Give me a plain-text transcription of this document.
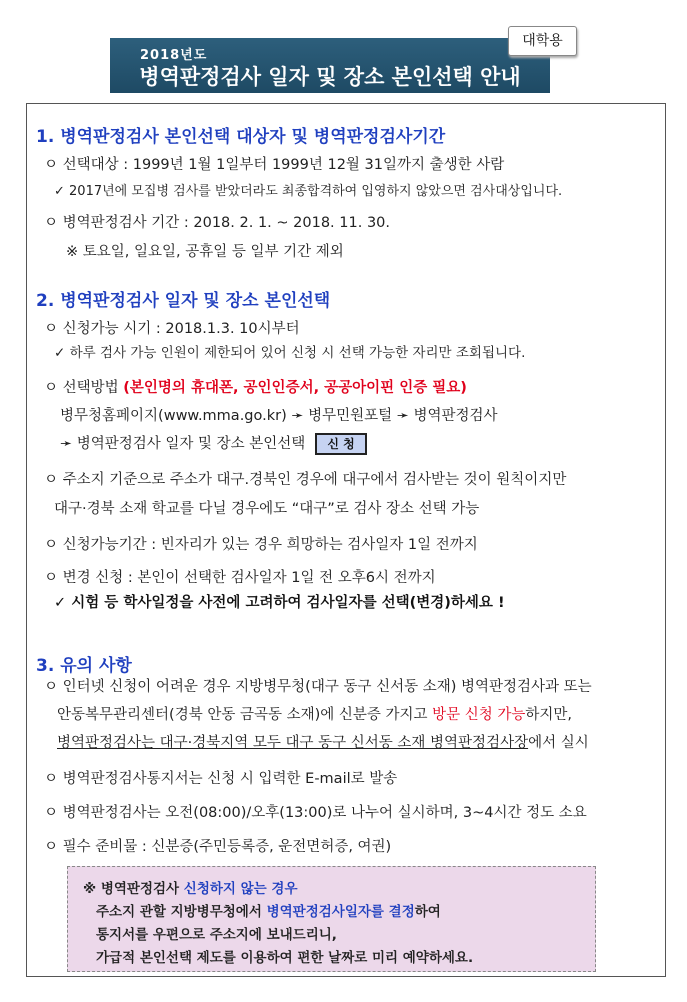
2018년도
병역판정검사 일자 및 장소 본인선택 안내
대학용
1. 병역판정검사 본인선택 대상자 및 병역판정검사기간
ㅇ 선택대상 : 1999년 1월 1일부터 1999년 12월 31일까지 출생한 사람
✓ 2017년에 모집병 검사를 받았더라도 최종합격하여 입영하지 않았으면 검사대상입니다.
ㅇ 병역판정검사 기간 : 2018. 2. 1. ~ 2018. 11. 30.
※ 토요일, 일요일, 공휴일 등 일부 기간 제외
2. 병역판정검사 일자 및 장소 본인선택
ㅇ 신청가능 시기 : 2018.1.3. 10시부터
✓ 하루 검사 가능 인원이 제한되어 있어 신청 시 선택 가능한 자리만 조회됩니다.
ㅇ 선택방법 (본인명의 휴대폰, 공인인증서, 공공아이핀 인증 필요)
병무청홈페이지(www.mma.go.kr) ➛ 병무민원포털 ➛ 병역판정검사
➛ 병역판정검사 일자 및 장소 본인선택 신 청
ㅇ 주소지 기준으로 주소가 대구.경북인 경우에 대구에서 검사받는 것이 원칙이지만
대구·경북 소재 학교를 다닐 경우에도 “대구”로 검사 장소 선택 가능
ㅇ 신청가능기간 : 빈자리가 있는 경우 희망하는 검사일자 1일 전까지
ㅇ 변경 신청 : 본인이 선택한 검사일자 1일 전 오후6시 전까지
✓ 시험 등 학사일정을 사전에 고려하여 검사일자를 선택(변경)하세요 !
3. 유의 사항
ㅇ 인터넷 신청이 어려운 경우 지방병무청(대구 동구 신서동 소재) 병역판정검사과 또는
안동복무관리센터(경북 안동 금곡동 소재)에 신분증 가지고 방문 신청 가능하지만,
병역판정검사는 대구·경북지역 모두 대구 동구 신서동 소재 병역판정검사장에서 실시
ㅇ 병역판정검사통지서는 신청 시 입력한 E-mail로 발송
ㅇ 병역판정검사는 오전(08:00)/오후(13:00)로 나누어 실시하며, 3~4시간 정도 소요
ㅇ 필수 준비물 : 신분증(주민등록증, 운전면허증, 여권)
※ 병역판정검사 신청하지 않는 경우
주소지 관할 지방병무청에서 병역판정검사일자를 결정하여
통지서를 우편으로 주소지에 보내드리니,
가급적 본인선택 제도를 이용하여 편한 날짜로 미리 예약하세요.
